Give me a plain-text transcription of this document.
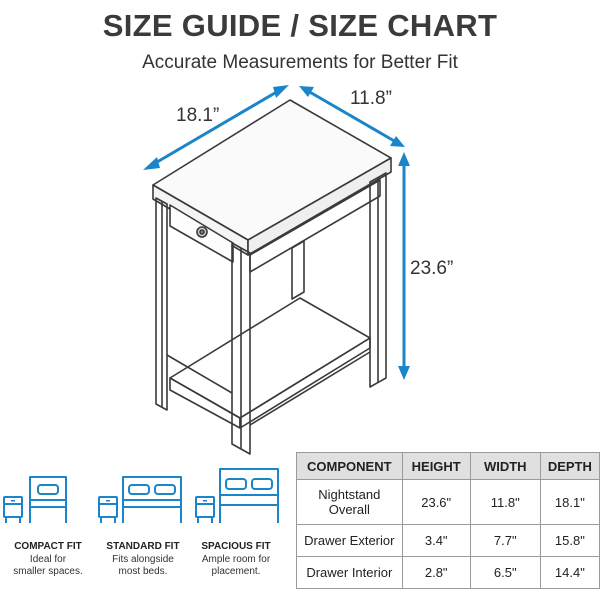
SIZE GUIDE / SIZE CHART
Accurate Measurements for Better Fit
18.1”
11.8”
23.6”
COMPACT FIT
Ideal for
smaller spaces.
STANDARD FIT
Fits alongside
most beds.
SPACIOUS FIT
Ample room for
placement.
COMPONENT	HEIGHT	WIDTH	DEPTH

Nightstand
Overall	23.6"	11.8"	18.1"
Drawer Exterior	3.4"	7.7"	15.8"
Drawer Interior	2.8"	6.5"	14.4"
